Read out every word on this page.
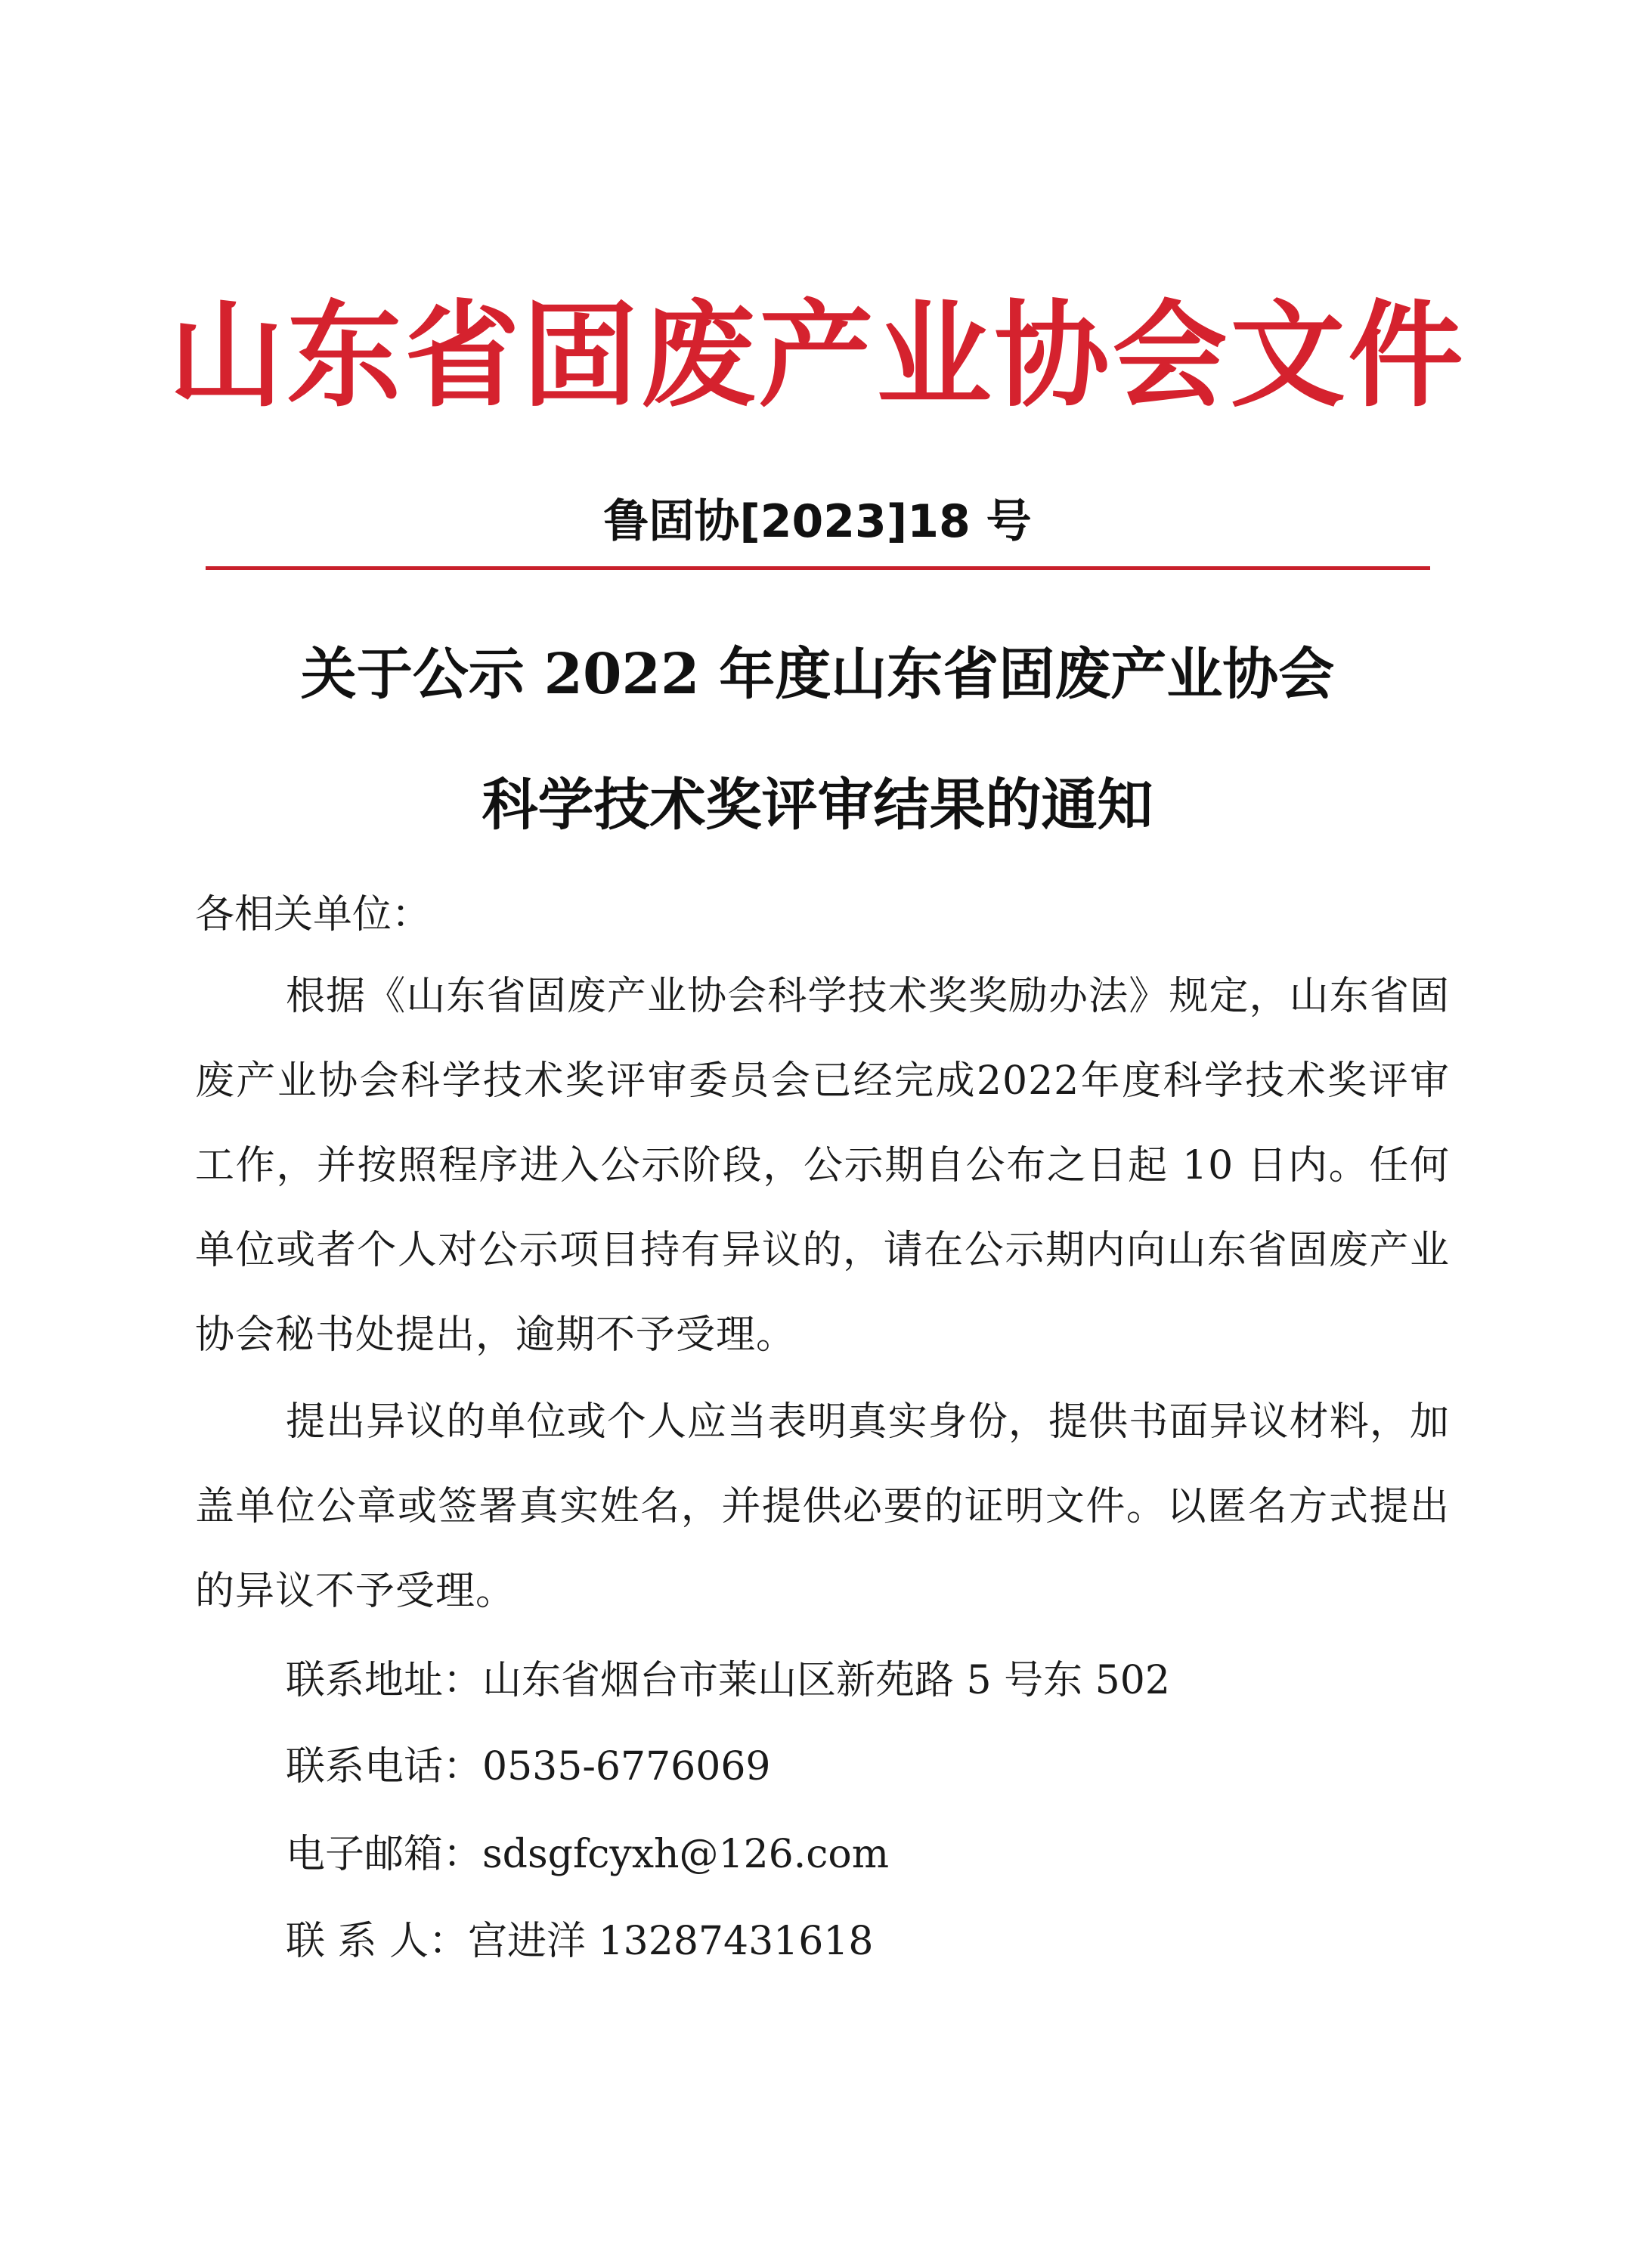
山东省固废产业协会文件
鲁固协[2023]18 号
关于公示 2022 年度山东省固废产业协会
科学技术奖评审结果的通知
各相关单位：
根据《山东省固废产业协会科学技术奖奖励办法》规定，山东省固废产业协会科学技术奖评审委员会已经完成2022年度科学技术奖评审工作，并按照程序进入公示阶段，公示期自公布之日起 10 日内。任何单位或者个人对公示项目持有异议的，请在公示期内向山东省固废产业协会秘书处提出，逾期不予受理。
提出异议的单位或个人应当表明真实身份，提供书面异议材料，加盖单位公章或签署真实姓名，并提供必要的证明文件。以匿名方式提出的异议不予受理。
联系地址：山东省烟台市莱山区新苑路 5 号东 502
联系电话：0535-6776069
电子邮箱：sdsgfcyxh@126.com
联 系 人：宫进洋 13287431618
